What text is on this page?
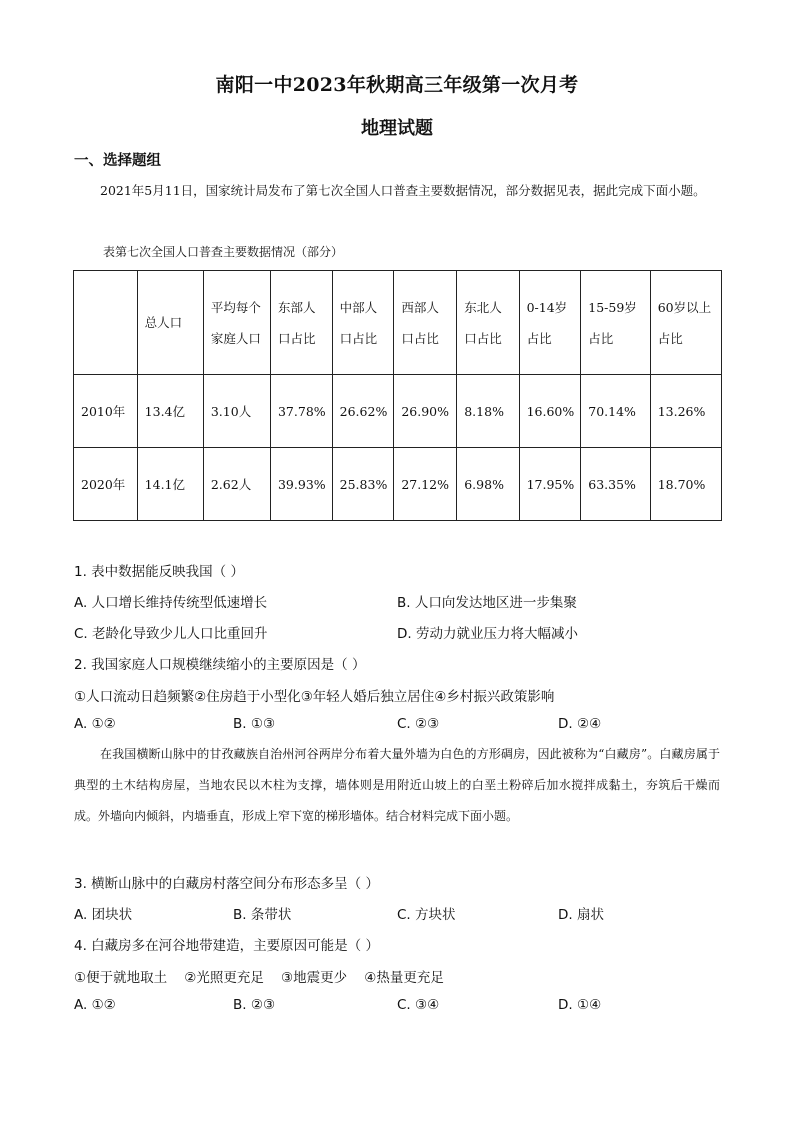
南阳一中2023年秋期高三年级第一次月考
地理试题
一、选择题组
2021年5月11日，国家统计局发布了第七次全国人口普查主要数据情况，部分数据见表，据此完成下面小题。
表第七次全国人口普查主要数据情况（部分）
	总人口	平均每个家庭人口	东部人口占比	中部人口占比	西部人口占比	东北人口占比	0-14岁占比	15-59岁占比	60岁以上占比
2010年	13.4亿	3.10人	37.78%	26.62%	26.90%	8.18%	16.60%	70.14%	13.26%
2020年	14.1亿	2.62人	39.93%	25.83%	27.12%	6.98%	17.95%	63.35%	18.70%
1. 表中数据能反映我国（ ）
A. 人口增长维持传统型低速增长	B. 人口向发达地区进一步集聚
C. 老龄化导致少儿人口比重回升	D. 劳动力就业压力将大幅减小
2. 我国家庭人口规模继续缩小的主要原因是（ ）
①人口流动日趋频繁②住房趋于小型化③年轻人婚后独立居住④乡村振兴政策影响
A. ①②	B. ①③	C. ②③	D. ②④
在我国横断山脉中的甘孜藏族自治州河谷两岸分布着大量外墙为白色的方形碉房，因此被称为“白藏房”。白藏房属于典型的土木结构房屋，当地农民以木柱为支撑，墙体则是用附近山坡上的白垩土粉碎后加水搅拌成黏土，夯筑后干燥而成。外墙向内倾斜，内墙垂直，形成上窄下宽的梯形墙体。结合材料完成下面小题。
3. 横断山脉中的白藏房村落空间分布形态多呈（ ）
A. 团块状	B. 条带状	C. 方块状	D. 扇状
4. 白藏房多在河谷地带建造，主要原因可能是（ ）
①便于就地取土    ②光照更充足    ③地震更少    ④热量更充足
A. ①②	B. ②③	C. ③④	D. ①④
